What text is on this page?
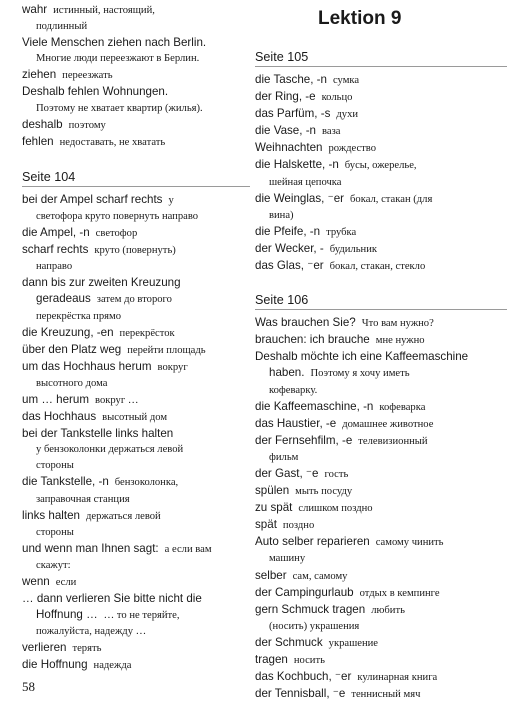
Lektion 9
wahr истинный, настоящий,
подлинный
Viele Menschen ziehen nach Berlin.
Многие люди переезжают в Берлин.
ziehen переезжать
Deshalb fehlen Wohnungen.
Поэтому не хватает квартир (жилья).
deshalb поэтому
fehlen недоставать, не хватать
Seite 104
bei der Ampel scharf rechts у
светофора круто повернуть направо
die Ampel, -n светофор
scharf rechts круто (повернуть)
направо
dann bis zur zweiten Kreuzung
geradeaus затем до второго
перекрёстка прямо
die Kreuzung, -en перекрёсток
über den Platz weg перейти площадь
um das Hochhaus herum вокруг
высотного дома
um … herum вокруг …
das Hochhaus высотный дом
bei der Tankstelle links halten
у бензоколонки держаться левой
стороны
die Tankstelle, -n бензоколонка,
заправочная станция
links halten держаться левой
стороны
und wenn man Ihnen sagt: а если вам
скажут:
wenn если
… dann verlieren Sie bitte nicht die
Hoffnung … … то не теряйте,
пожалуйста, надежду …
verlieren терять
die Hoffnung надежда
Seite 105
die Tasche, -n сумка
der Ring, -e кольцо
das Parfüm, -s духи
die Vase, -n ваза
Weihnachten рождество
die Halskette, -n бусы, ожерелье,
шейная цепочка
die Weinglas, ⁻er бокал, стакан (для
вина)
die Pfeife, -n трубка
der Wecker, - будильник
das Glas, ⁻er бокал, стакан, стекло
Seite 106
Was brauchen Sie? Что вам нужно?
brauchen: ich brauche мне нужно
Deshalb möchte ich eine Kaffeemaschine
haben. Поэтому я хочу иметь
кофеварку.
die Kaffeemaschine, -n кофеварка
das Haustier, -e домашнее животное
der Fernsehfilm, -e телевизионный
фильм
der Gast, ⁻e гость
spülen мыть посуду
zu spät слишком поздно
spät поздно
Auto selber reparieren самому чинить
машину
selber сам, самому
der Campingurlaub отдых в кемпинге
gern Schmuck tragen любить
(носить) украшения
der Schmuck украшение
tragen носить
das Kochbuch, ⁻er кулинарная книга
der Tennisball, ⁻e теннисный мяч
58
